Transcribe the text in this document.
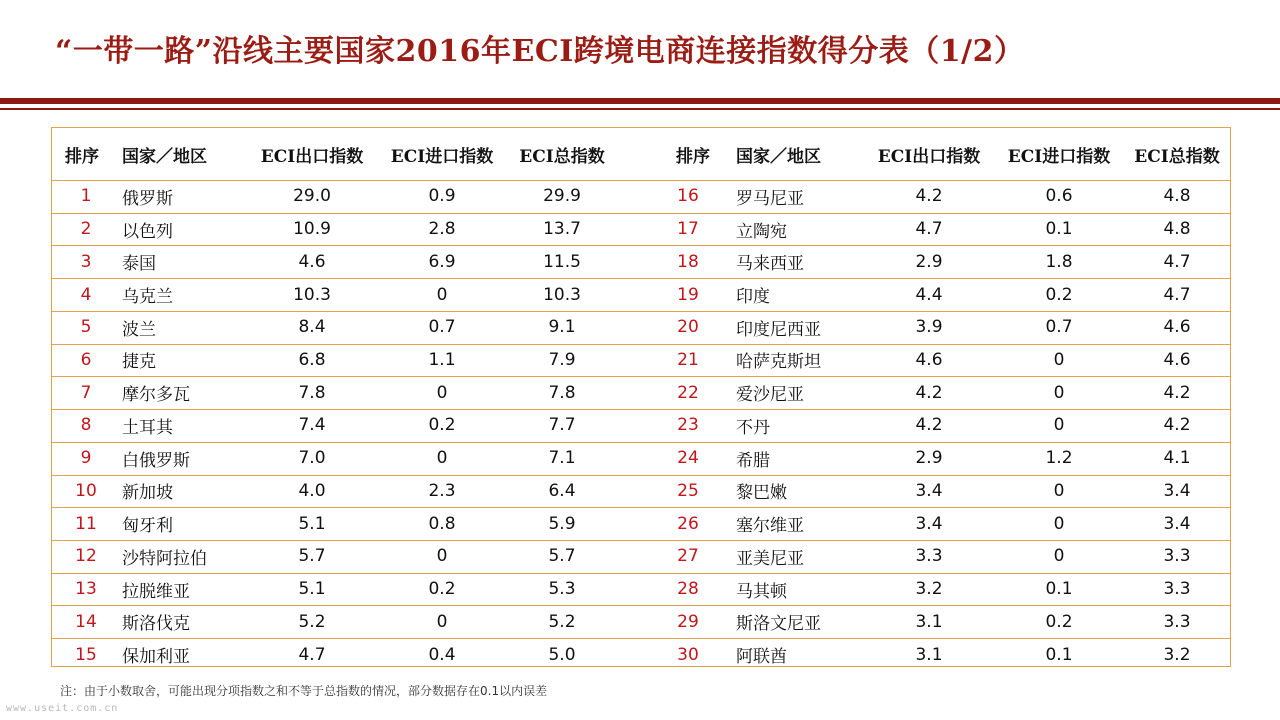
“一带一路”沿线主要国家2016年ECI跨境电商连接指数得分表（1/2）
排序	国家／地区	ECI出口指数	ECI进口指数	ECI总指数	排序	国家／地区	ECI出口指数	ECI进口指数	ECI总指数
1	俄罗斯	29.0	0.9	29.9	16	罗马尼亚	4.2	0.6	4.8
2	以色列	10.9	2.8	13.7	17	立陶宛	4.7	0.1	4.8
3	泰国	4.6	6.9	11.5	18	马来西亚	2.9	1.8	4.7
4	乌克兰	10.3	0	10.3	19	印度	4.4	0.2	4.7
5	波兰	8.4	0.7	9.1	20	印度尼西亚	3.9	0.7	4.6
6	捷克	6.8	1.1	7.9	21	哈萨克斯坦	4.6	0	4.6
7	摩尔多瓦	7.8	0	7.8	22	爱沙尼亚	4.2	0	4.2
8	土耳其	7.4	0.2	7.7	23	不丹	4.2	0	4.2
9	白俄罗斯	7.0	0	7.1	24	希腊	2.9	1.2	4.1
10	新加坡	4.0	2.3	6.4	25	黎巴嫩	3.4	0	3.4
11	匈牙利	5.1	0.8	5.9	26	塞尔维亚	3.4	0	3.4
12	沙特阿拉伯	5.7	0	5.7	27	亚美尼亚	3.3	0	3.3
13	拉脱维亚	5.1	0.2	5.3	28	马其顿	3.2	0.1	3.3
14	斯洛伐克	5.2	0	5.2	29	斯洛文尼亚	3.1	0.2	3.3
15	保加利亚	4.7	0.4	5.0	30	阿联酋	3.1	0.1	3.2
注：由于小数取舍，可能出现分项指数之和不等于总指数的情况，部分数据存在0.1以内误差
www.useit.com.cn
